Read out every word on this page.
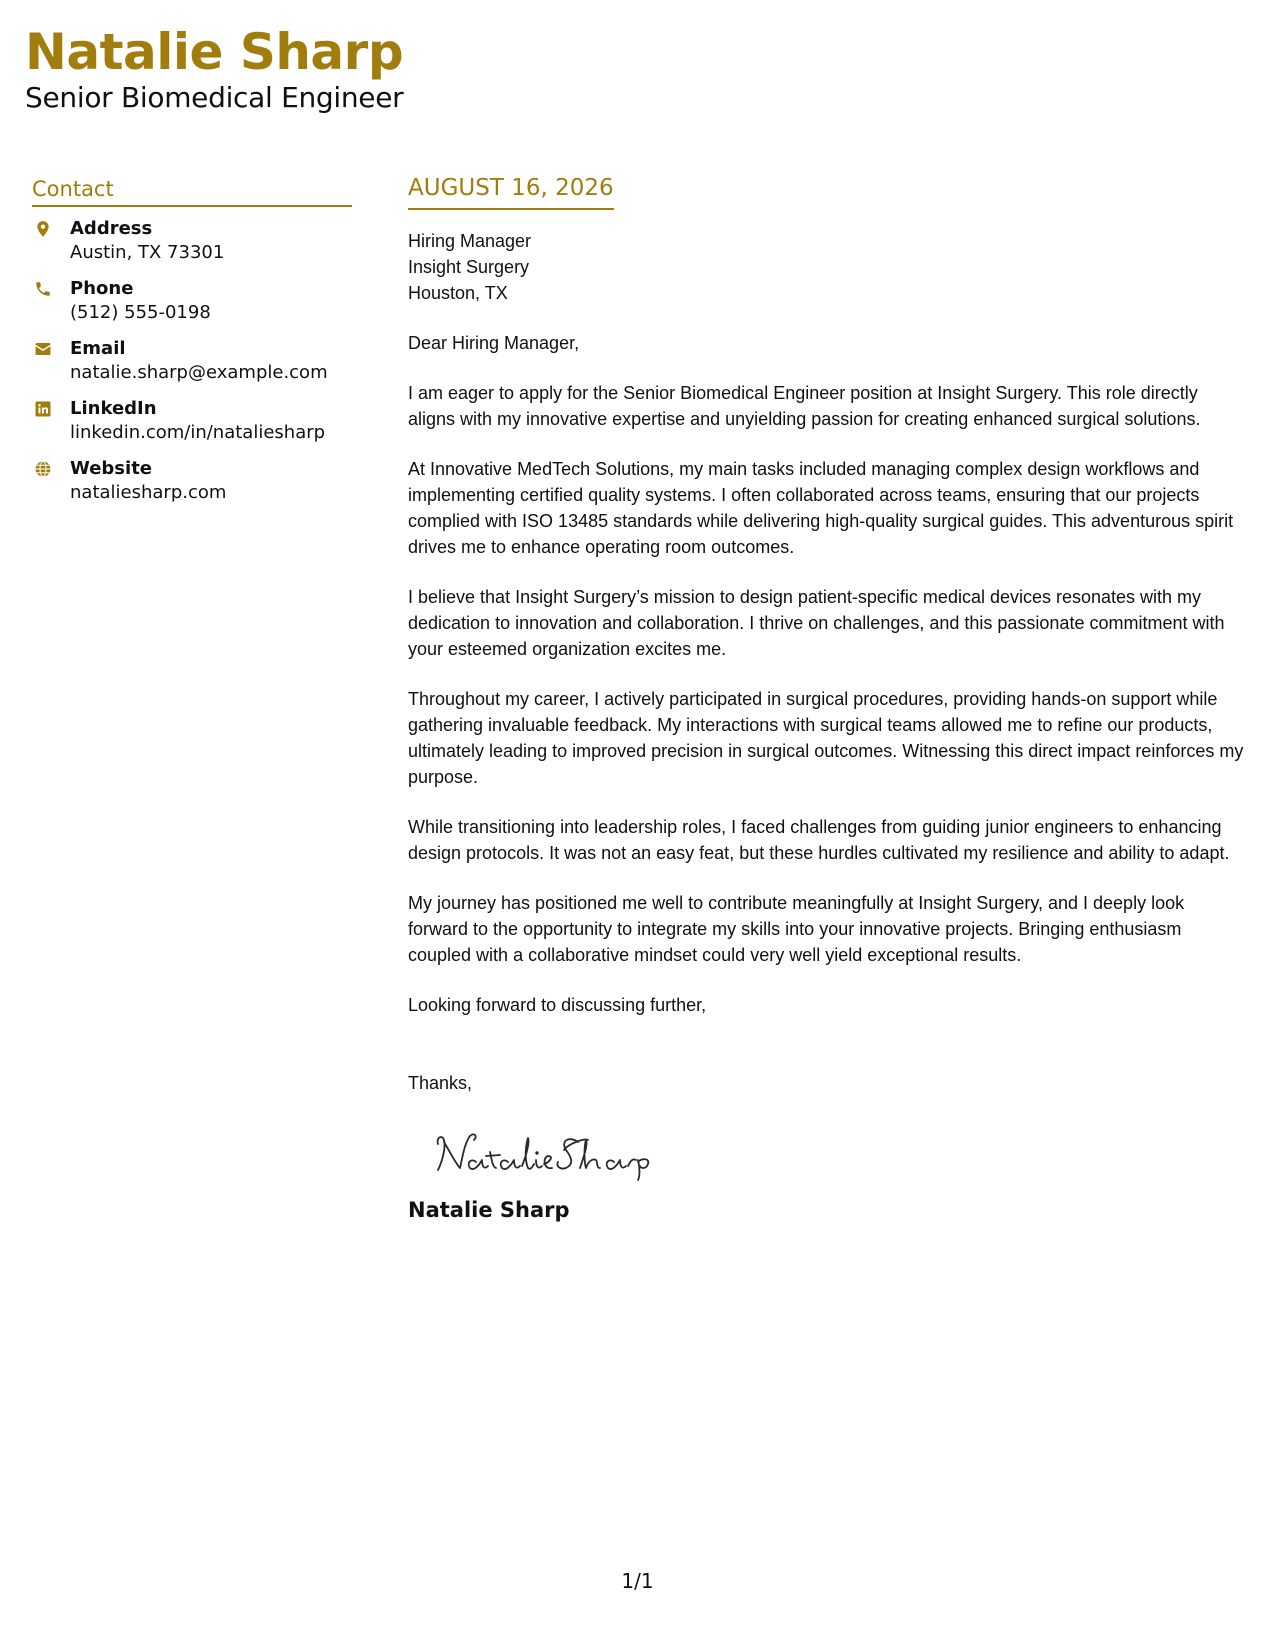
Natalie Sharp
Senior Biomedical Engineer
Contact
Address
Austin, TX 73301
Phone
(512) 555-0198
Email
natalie.sharp@example.com
LinkedIn
linkedin.com/in/nataliesharp
Website
nataliesharp.com
AUGUST 16, 2026
Hiring Manager
Insight Surgery
Houston, TX

Dear Hiring Manager,

I am eager to apply for the Senior Biomedical Engineer position at Insight Surgery. This role directly aligns with my innovative expertise and unyielding passion for creating enhanced surgical solutions.

At Innovative MedTech Solutions, my main tasks included managing complex design workflows and implementing certified quality systems. I often collaborated across teams, ensuring that our projects complied with ISO 13485 standards while delivering high-quality surgical guides. This adventurous spirit drives me to enhance operating room outcomes.

I believe that Insight Surgery’s mission to design patient-specific medical devices resonates with my dedication to innovation and collaboration. I thrive on challenges, and this passionate commitment with your esteemed organization excites me.

Throughout my career, I actively participated in surgical procedures, providing hands-on support while gathering invaluable feedback. My interactions with surgical teams allowed me to refine our products, ultimately leading to improved precision in surgical outcomes. Witnessing this direct impact reinforces my purpose.

While transitioning into leadership roles, I faced challenges from guiding junior engineers to enhancing design protocols. It was not an easy feat, but these hurdles cultivated my resilience and ability to adapt.

My journey has positioned me well to contribute meaningfully at Insight Surgery, and I deeply look forward to the opportunity to integrate my skills into your innovative projects. Bringing enthusiasm coupled with a collaborative mindset could very well yield exceptional results.

Looking forward to discussing further,

Thanks,

Natalie Sharp

1/1
